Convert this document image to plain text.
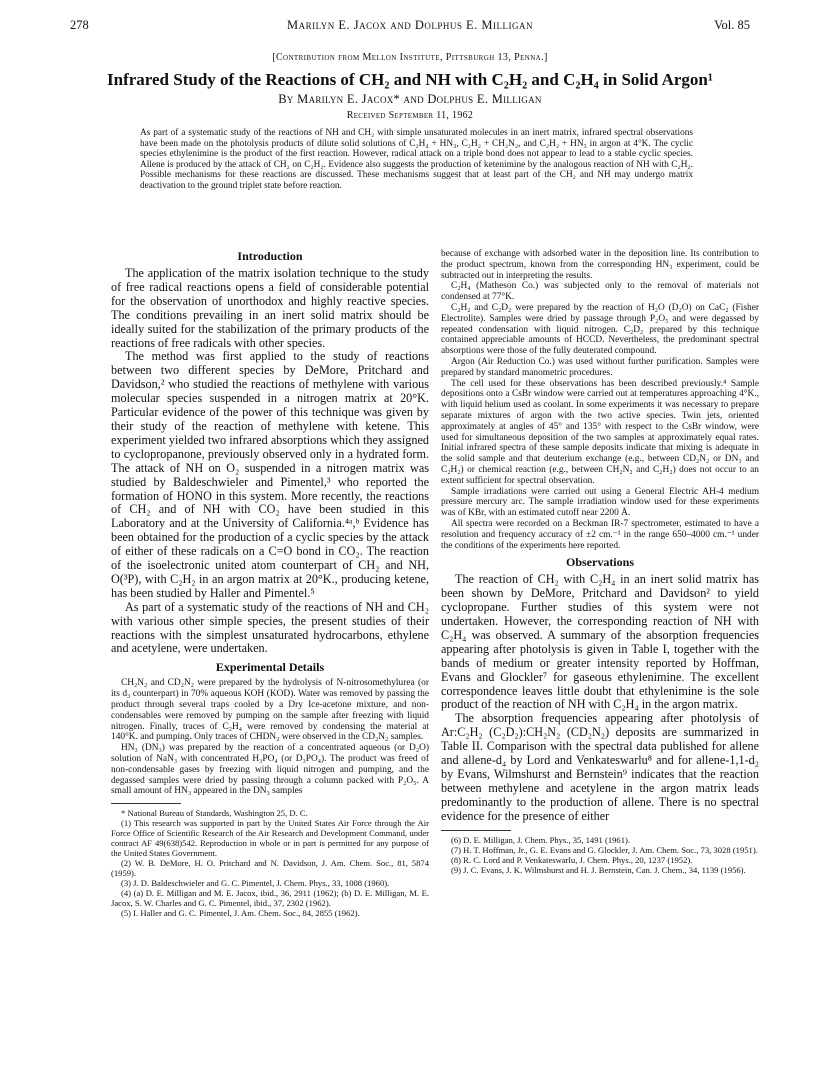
278	Marilyn E. Jacox and Dolphus E. Milligan	Vol. 85
[Contribution from Mellon Institute, Pittsburgh 13, Penna.]
Infrared Study of the Reactions of CH₂ and NH with C₂H₂ and C₂H₄ in Solid Argon¹
By Marilyn E. Jacox* and Dolphus E. Milligan
Received September 11, 1962
As part of a systematic study of the reactions of NH and CH₂ with simple unsaturated molecules in an inert matrix, infrared spectral observations have been made on the photolysis products of dilute solid solutions of C₂H₄ + HN₃, C₂H₂ + CH₂N₂, and C₂H₂ + HN₃ in argon at 4°K. The cyclic species ethylenimine is the product of the first reaction. However, radical attack on a triple bond does not appear to lead to a stable cyclic species. Allene is produced by the attack of CH₂ on C₂H₂. Evidence also suggests the production of ketenimine by the analogous reaction of NH with C₂H₂. Possible mechanisms for these reactions are discussed. These mechanisms suggest that at least part of the CH₂ and NH may undergo matrix deactivation to the ground triplet state before reaction.
Introduction

The application of the matrix isolation technique to the study of free radical reactions opens a field of considerable potential for the observation of unorthodox and highly reactive species. The conditions prevailing in an inert solid matrix should be ideally suited for the stabilization of the primary products of the reactions of free radicals with other species.

The method was first applied to the study of reactions between two different species by DeMore, Pritchard and Davidson,² who studied the reactions of methylene with various molecular species suspended in a nitrogen matrix at 20°K. Particular evidence of the power of this technique was given by their study of the reaction of methylene with ketene. This experiment yielded two infrared absorptions which they assigned to cyclopropanone, previously observed only in a hydrated form. The attack of NH on O₂ suspended in a nitrogen matrix was studied by Baldeschwieler and Pimentel,³ who reported the formation of HONO in this system. More recently, the reactions of CH₂ and of NH with CO₂ have been studied in this Laboratory and at the University of California.⁴ᵃ,ᵇ Evidence has been obtained for the production of a cyclic species by the attack of either of these radicals on a C=O bond in CO₂. The reaction of the isoelectronic united atom counterpart of CH₂ and NH, O(³P), with C₂H₂ in an argon matrix at 20°K., producing ketene, has been studied by Haller and Pimentel.⁵

As part of a systematic study of the reactions of NH and CH₂ with various other simple species, the present studies of their reactions with the simplest unsaturated hydrocarbons, ethylene and acetylene, were undertaken.

Experimental Details

CH₂N₂ and CD₂N₂ were prepared by the hydrolysis of N-nitrosomethylurea (or its d₃ counterpart) in 70% aqueous KOH (KOD). Water was removed by passing the product through several traps cooled by a Dry Ice-acetone mixture, and non-condensables were removed by pumping on the sample after freezing with liquid nitrogen. Finally, traces of C₂H₄ were removed by condensing the material at 140°K. and pumping. Only traces of CHDN₂ were observed in the CD₂N₂ samples.

HN₃ (DN₃) was prepared by the reaction of a concentrated aqueous (or D₂O) solution of NaN₃ with concentrated H₃PO₄ (or D₃PO₄). The product was freed of non-condensable gases by freezing with liquid nitrogen and pumping, and the degassed samples were dried by passing through a column packed with P₂O₅. A small amount of HN₃ appeared in the DN₃ samples

* National Bureau of Standards, Washington 25, D. C.

(1) This research was supported in part by the United States Air Force through the Air Force Office of Scientific Research of the Air Research and Development Command, under contract AF 49(638)542. Reproduction in whole or in part is permitted for any purpose of the United States Government.

(2) W. B. DeMore, H. O. Pritchard and N. Davidson, J. Am. Chem. Soc., 81, 5874 (1959).

(3) J. D. Baldeschwieler and G. C. Pimentel, J. Chem. Phys., 33, 1008 (1960).

(4) (a) D. E. Milligan and M. E. Jacox, ibid., 36, 2911 (1962); (b) D. E. Milligan, M. E. Jacox, S. W. Charles and G. C. Pimentel, ibid., 37, 2302 (1962).

(5) I. Haller and G. C. Pimentel, J. Am. Chem. Soc., 84, 2855 (1962).

because of exchange with adsorbed water in the deposition line. Its contribution to the product spectrum, known from the corresponding HN₃ experiment, could be subtracted out in interpreting the results.

C₂H₄ (Matheson Co.) was subjected only to the removal of materials not condensed at 77°K.

C₂H₂ and C₂D₂ were prepared by the reaction of H₂O (D₂O) on CaC₂ (Fisher Electrolite). Samples were dried by passage through P₂O₅ and were degassed by repeated condensation with liquid nitrogen. C₂D₂ prepared by this technique contained appreciable amounts of HCCD. Nevertheless, the predominant spectral absorptions were those of the fully deuterated compound.

Argon (Air Reduction Co.) was used without further purification. Samples were prepared by standard manometric procedures.

The cell used for these observations has been described previously.⁴ Sample depositions onto a CsBr window were carried out at temperatures approaching 4°K., with liquid helium used as coolant. In some experiments it was necessary to prepare separate mixtures of argon with the two active species. Twin jets, oriented approximately at angles of 45° and 135° with respect to the CsBr window, were used for simultaneous deposition of the two samples at approximately equal rates. Initial infrared spectra of these sample deposits indicate that mixing is adequate in the solid sample and that deuterium exchange (e.g., between CD₂N₂ or DN₃ and C₂H₂) or chemical reaction (e.g., between CH₂N₂ and C₂H₂) does not occur to an extent sufficient for spectral observation.

Sample irradiations were carried out using a General Electric AH-4 medium pressure mercury arc. The sample irradiation window used for these experiments was of KBr, with an estimated cutoff near 2200 Å.

All spectra were recorded on a Beckman IR-7 spectrometer, estimated to have a resolution and frequency accuracy of ±2 cm.⁻¹ in the range 650–4000 cm.⁻¹ under the conditions of the experiments here reported.

Observations

The reaction of CH₂ with C₂H₄ in an inert solid matrix has been shown by DeMore, Pritchard and Davidson² to yield cyclopropane. Further studies of this system were not undertaken. However, the corresponding reaction of NH with C₂H₄ was observed. A summary of the absorption frequencies appearing after photolysis is given in Table I, together with the bands of medium or greater intensity reported by Hoffman, Evans and Glockler⁷ for gaseous ethylenimine. The excellent correspondence leaves little doubt that ethylenimine is the sole product of the reaction of NH with C₂H₄ in the argon matrix.

The absorption frequencies appearing after photolysis of Ar:C₂H₂ (C₂D₂):CH₂N₂ (CD₂N₂) deposits are summarized in Table II. Comparison with the spectral data published for allene and allene-d₄ by Lord and Venkateswarlu⁸ and for allene-1,1-d₂ by Evans, Wilmshurst and Bernstein⁹ indicates that the reaction between methylene and acetylene in the argon matrix leads predominantly to the production of allene. There is no spectral evidence for the presence of either

(6) D. E. Milligan, J. Chem. Phys., 35, 1491 (1961).

(7) H. T. Hoffman, Jr., G. E. Evans and G. Glockler, J. Am. Chem. Soc., 73, 3028 (1951).

(8) R. C. Lord and P. Venkateswarlu, J. Chem. Phys., 20, 1237 (1952).

(9) J. C. Evans, J. K. Wilmshurst and H. J. Bernstein, Can. J. Chem., 34, 1139 (1956).
